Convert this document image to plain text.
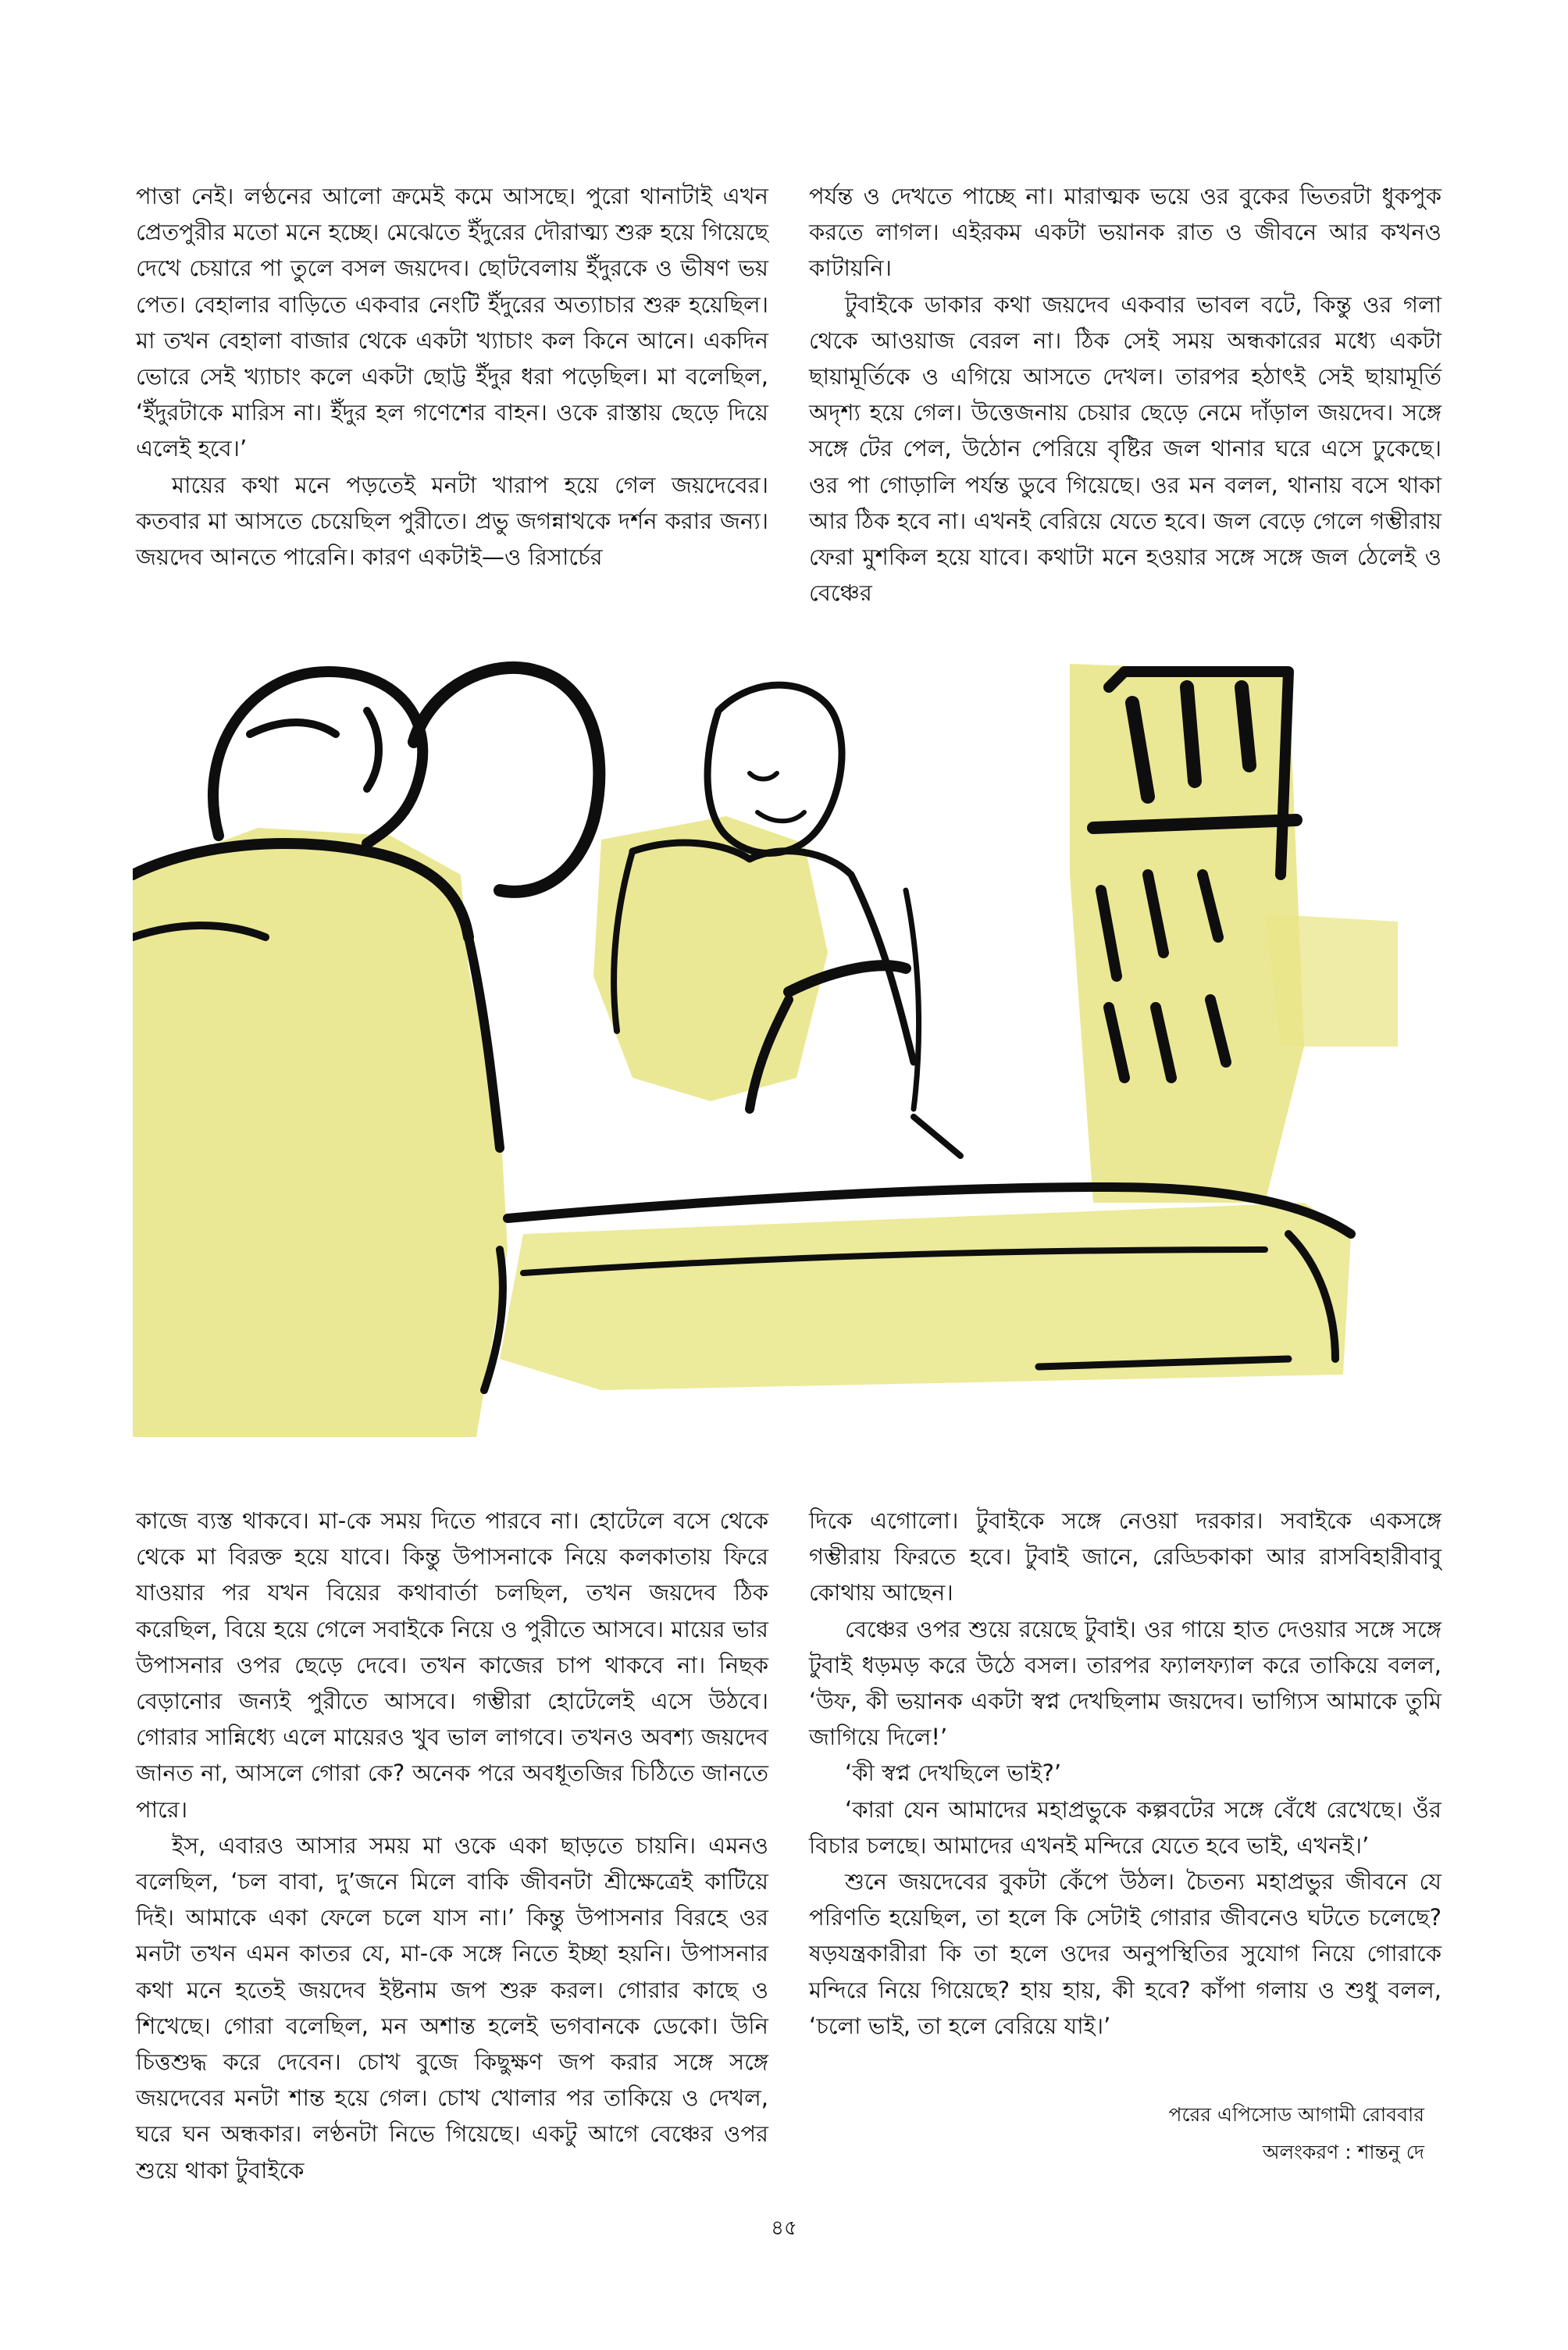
পাত্তা নেই। লণ্ঠনের আলো ক্রমেই কমে আসছে। পুরো থানাটাই এখন প্রেতপুরীর মতো মনে হচ্ছে। মেঝেতে ইঁদুরের দৌরাত্ম্য শুরু হয়ে গিয়েছে দেখে চেয়ারে পা তুলে বসল জয়দেব। ছোটবেলায় ইঁদুরকে ও ভীষণ ভয় পেত। বেহালার বাড়িতে একবার নেংটি ইঁদুরের অত্যাচার শুরু হয়েছিল। মা তখন বেহালা বাজার থেকে একটা খ্যাচাং কল কিনে আনে। একদিন ভোরে সেই খ্যাচাং কলে একটা ছোট্ট ইঁদুর ধরা পড়েছিল। মা বলেছিল, ‘ইঁদুরটাকে মারিস না। ইঁদুর হল গণেশের বাহন। ওকে রাস্তায় ছেড়ে দিয়ে এলেই হবে।’

মায়ের কথা মনে পড়তেই মনটা খারাপ হয়ে গেল জয়দেবের। কতবার মা আসতে চেয়েছিল পুরীতে। প্রভু জগন্নাথকে দর্শন করার জন্য। জয়দেব আনতে পারেনি। কারণ একটাই—ও রিসার্চের

পর্যন্ত ও দেখতে পাচ্ছে না। মারাত্মক ভয়ে ওর বুকের ভিতরটা ধুকপুক করতে লাগল। এইরকম একটা ভয়ানক রাত ও জীবনে আর কখনও কাটায়নি।

টুবাইকে ডাকার কথা জয়দেব একবার ভাবল বটে, কিন্তু ওর গলা থেকে আওয়াজ বেরল না। ঠিক সেই সময় অন্ধকারের মধ্যে একটা ছায়ামূর্তিকে ও এগিয়ে আসতে দেখল। তারপর হঠাৎই সেই ছায়ামূর্তি অদৃশ্য হয়ে গেল। উত্তেজনায় চেয়ার ছেড়ে নেমে দাঁড়াল জয়দেব। সঙ্গে সঙ্গে টের পেল, উঠোন পেরিয়ে বৃষ্টির জল থানার ঘরে এসে ঢুকেছে। ওর পা গোড়ালি পর্যন্ত ডুবে গিয়েছে। ওর মন বলল, থানায় বসে থাকা আর ঠিক হবে না। এখনই বেরিয়ে যেতে হবে। জল বেড়ে গেলে গম্ভীরায় ফেরা মুশকিল হয়ে যাবে। কথাটা মনে হওয়ার সঙ্গে সঙ্গে জল ঠেলেই ও বেঞ্চের

কাজে ব্যস্ত থাকবে। মা-কে সময় দিতে পারবে না। হোটেলে বসে থেকে থেকে মা বিরক্ত হয়ে যাবে। কিন্তু উপাসনাকে নিয়ে কলকাতায় ফিরে যাওয়ার পর যখন বিয়ের কথাবার্তা চলছিল, তখন জয়দেব ঠিক করেছিল, বিয়ে হয়ে গেলে সবাইকে নিয়ে ও পুরীতে আসবে। মায়ের ভার উপাসনার ওপর ছেড়ে দেবে। তখন কাজের চাপ থাকবে না। নিছক বেড়ানোর জন্যই পুরীতে আসবে। গম্ভীরা হোটেলেই এসে উঠবে। গোরার সান্নিধ্যে এলে মায়েরও খুব ভাল লাগবে। তখনও অবশ্য জয়দেব জানত না, আসলে গোরা কে? অনেক পরে অবধূতজির চিঠিতে জানতে পারে।

ইস, এবারও আসার সময় মা ওকে একা ছাড়তে চায়নি। এমনও বলেছিল, ‘চল বাবা, দু’জনে মিলে বাকি জীবনটা শ্রীক্ষেত্রেই কাটিয়ে দিই। আমাকে একা ফেলে চলে যাস না।’ কিন্তু উপাসনার বিরহে ওর মনটা তখন এমন কাতর যে, মা-কে সঙ্গে নিতে ইচ্ছা হয়নি। উপাসনার কথা মনে হতেই জয়দেব ইষ্টনাম জপ শুরু করল। গোরার কাছে ও শিখেছে। গোরা বলেছিল, মন অশান্ত হলেই ভগবানকে ডেকো। উনি চিত্তশুদ্ধ করে দেবেন। চোখ বুজে কিছুক্ষণ জপ করার সঙ্গে সঙ্গে জয়দেবের মনটা শান্ত হয়ে গেল। চোখ খোলার পর তাকিয়ে ও দেখল, ঘরে ঘন অন্ধকার। লণ্ঠনটা নিভে গিয়েছে। একটু আগে বেঞ্চের ওপর শুয়ে থাকা টুবাইকে

দিকে এগোলো। টুবাইকে সঙ্গে নেওয়া দরকার। সবাইকে একসঙ্গে গম্ভীরায় ফিরতে হবে। টুবাই জানে, রেড্ডিকাকা আর রাসবিহারীবাবু কোথায় আছেন।

বেঞ্চের ওপর শুয়ে রয়েছে টুবাই। ওর গায়ে হাত দেওয়ার সঙ্গে সঙ্গে টুবাই ধড়মড় করে উঠে বসল। তারপর ফ্যালফ্যাল করে তাকিয়ে বলল, ‘উফ, কী ভয়ানক একটা স্বপ্ন দেখছিলাম জয়দেব। ভাগ্যিস আমাকে তুমি জাগিয়ে দিলে!’

‘কী স্বপ্ন দেখছিলে ভাই?’

‘কারা যেন আমাদের মহাপ্রভুকে কল্পবটের সঙ্গে বেঁধে রেখেছে। ওঁর বিচার চলছে। আমাদের এখনই মন্দিরে যেতে হবে ভাই, এখনই।’

শুনে জয়দেবের বুকটা কেঁপে উঠল। চৈতন্য মহাপ্রভুর জীবনে যে পরিণতি হয়েছিল, তা হলে কি সেটাই গোরার জীবনেও ঘটতে চলেছে? ষড়যন্ত্রকারীরা কি তা হলে ওদের অনুপস্থিতির সুযোগ নিয়ে গোরাকে মন্দিরে নিয়ে গিয়েছে? হায় হায়, কী হবে? কাঁপা গলায় ও শুধু বলল, ‘চলো ভাই, তা হলে বেরিয়ে যাই।’

পরের এপিসোড আগামী রোববার
অলংকরণ : শান্তনু দে
৪৫
